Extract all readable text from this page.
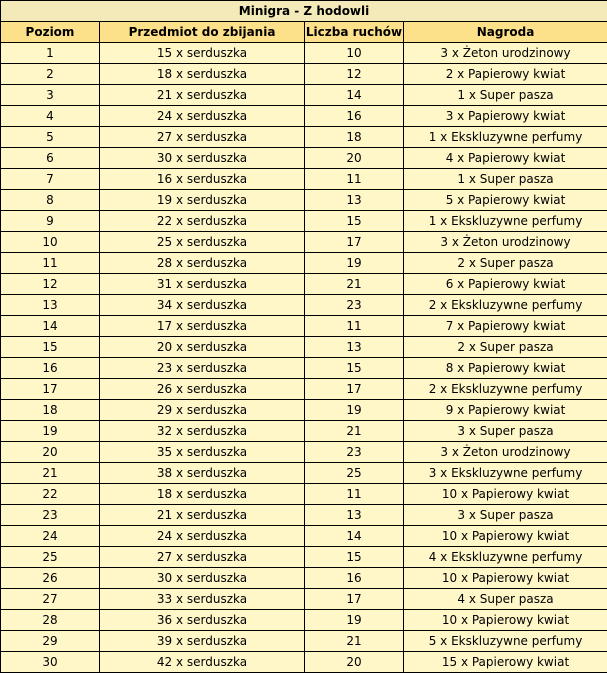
Minigra - Z hodowli			
Poziom	Przedmiot do zbijania	Liczba ruchów	Nagroda
1	15 x serduszka	10	3 x Żeton urodzinowy
2	18 x serduszka	12	2 x Papierowy kwiat
3	21 x serduszka	14	1 x Super pasza
4	24 x serduszka	16	3 x Papierowy kwiat
5	27 x serduszka	18	1 x Ekskluzywne perfumy
6	30 x serduszka	20	4 x Papierowy kwiat
7	16 x serduszka	11	1 x Super pasza
8	19 x serduszka	13	5 x Papierowy kwiat
9	22 x serduszka	15	1 x Ekskluzywne perfumy
10	25 x serduszka	17	3 x Żeton urodzinowy
11	28 x serduszka	19	2 x Super pasza
12	31 x serduszka	21	6 x Papierowy kwiat
13	34 x serduszka	23	2 x Ekskluzywne perfumy
14	17 x serduszka	11	7 x Papierowy kwiat
15	20 x serduszka	13	2 x Super pasza
16	23 x serduszka	15	8 x Papierowy kwiat
17	26 x serduszka	17	2 x Ekskluzywne perfumy
18	29 x serduszka	19	9 x Papierowy kwiat
19	32 x serduszka	21	3 x Super pasza
20	35 x serduszka	23	3 x Żeton urodzinowy
21	38 x serduszka	25	3 x Ekskluzywne perfumy
22	18 x serduszka	11	10 x Papierowy kwiat
23	21 x serduszka	13	3 x Super pasza
24	24 x serduszka	14	10 x Papierowy kwiat
25	27 x serduszka	15	4 x Ekskluzywne perfumy
26	30 x serduszka	16	10 x Papierowy kwiat
27	33 x serduszka	17	4 x Super pasza
28	36 x serduszka	19	10 x Papierowy kwiat
29	39 x serduszka	21	5 x Ekskluzywne perfumy
30	42 x serduszka	20	15 x Papierowy kwiat
